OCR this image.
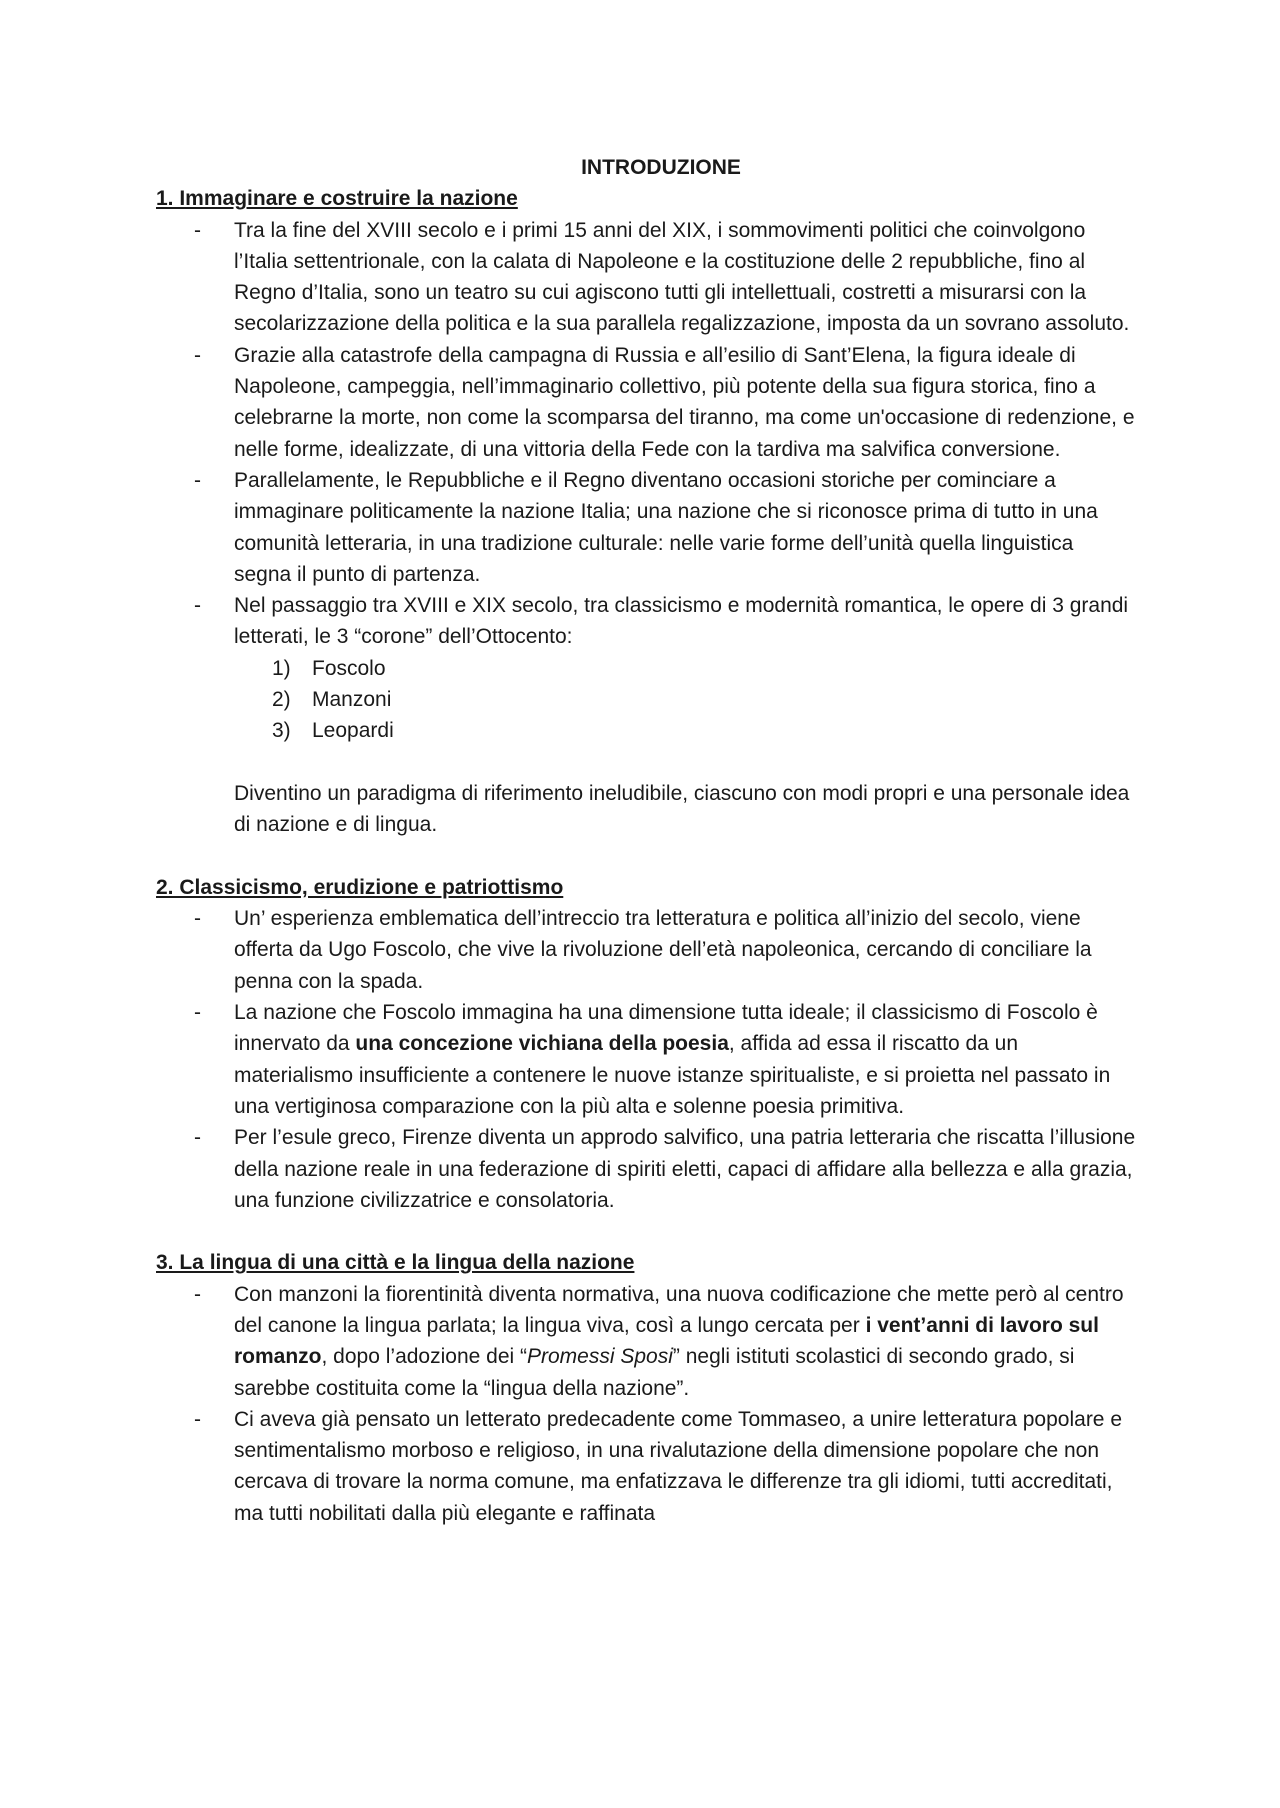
INTRODUZIONE

1. Immaginare e costruire la nazione

- Tra la fine del XVIII secolo e i primi 15 anni del XIX, i sommovimenti politici che coinvolgono l’Italia settentrionale, con la calata di Napoleone e la costituzione delle 2 repubbliche, fino al Regno d’Italia, sono un teatro su cui agiscono tutti gli intellettuali, costretti a misurarsi con la secolarizzazione della politica e la sua parallela regalizzazione, imposta da un sovrano assoluto.
- Grazie alla catastrofe della campagna di Russia e all’esilio di Sant’Elena, la figura ideale di Napoleone, campeggia, nell’immaginario collettivo, più potente della sua figura storica, fino a celebrarne la morte, non come la scomparsa del tiranno, ma come un'occasione di redenzione, e nelle forme, idealizzate, di una vittoria della Fede con la tardiva ma salvifica conversione.
- Parallelamente, le Repubbliche e il Regno diventano occasioni storiche per cominciare a immaginare politicamente la nazione Italia; una nazione che si riconosce prima di tutto in una comunità letteraria, in una tradizione culturale: nelle varie forme dell’unità quella linguistica segna il punto di partenza.
- Nel passaggio tra XVIII e XIX secolo, tra classicismo e modernità romantica, le opere di 3 grandi letterati, le 3 “corone” dell’Ottocento:
1) Foscolo
2) Manzoni
3) Leopardi

Diventino un paradigma di riferimento ineludibile, ciascuno con modi propri e una personale idea di nazione e di lingua.

2. Classicismo, erudizione e patriottismo

- Un’ esperienza emblematica dell’intreccio tra letteratura e politica all’inizio del secolo, viene offerta da Ugo Foscolo, che vive la rivoluzione dell’età napoleonica, cercando di conciliare la penna con la spada.
- La nazione che Foscolo immagina ha una dimensione tutta ideale; il classicismo di Foscolo è innervato da una concezione vichiana della poesia, affida ad essa il riscatto da un materialismo insufficiente a contenere le nuove istanze spiritualiste, e si proietta nel passato in una vertiginosa comparazione con la più alta e solenne poesia primitiva.
- Per l’esule greco, Firenze diventa un approdo salvifico, una patria letteraria che riscatta l’illusione della nazione reale in una federazione di spiriti eletti, capaci di affidare alla bellezza e alla grazia, una funzione civilizzatrice e consolatoria.

3. La lingua di una città e la lingua della nazione

- Con manzoni la fiorentinità diventa normativa, una nuova codificazione che mette però al centro del canone la lingua parlata; la lingua viva, così a lungo cercata per i vent’anni di lavoro sul romanzo, dopo l’adozione dei “Promessi Sposi” negli istituti scolastici di secondo grado, si sarebbe costituita come la “lingua della nazione”.
- Ci aveva già pensato un letterato predecadente come Tommaseo, a unire letteratura popolare e sentimentalismo morboso e religioso, in una rivalutazione della dimensione popolare che non cercava di trovare la norma comune, ma enfatizzava le differenze tra gli idiomi, tutti accreditati, ma tutti nobilitati dalla più elegante e raffinata
